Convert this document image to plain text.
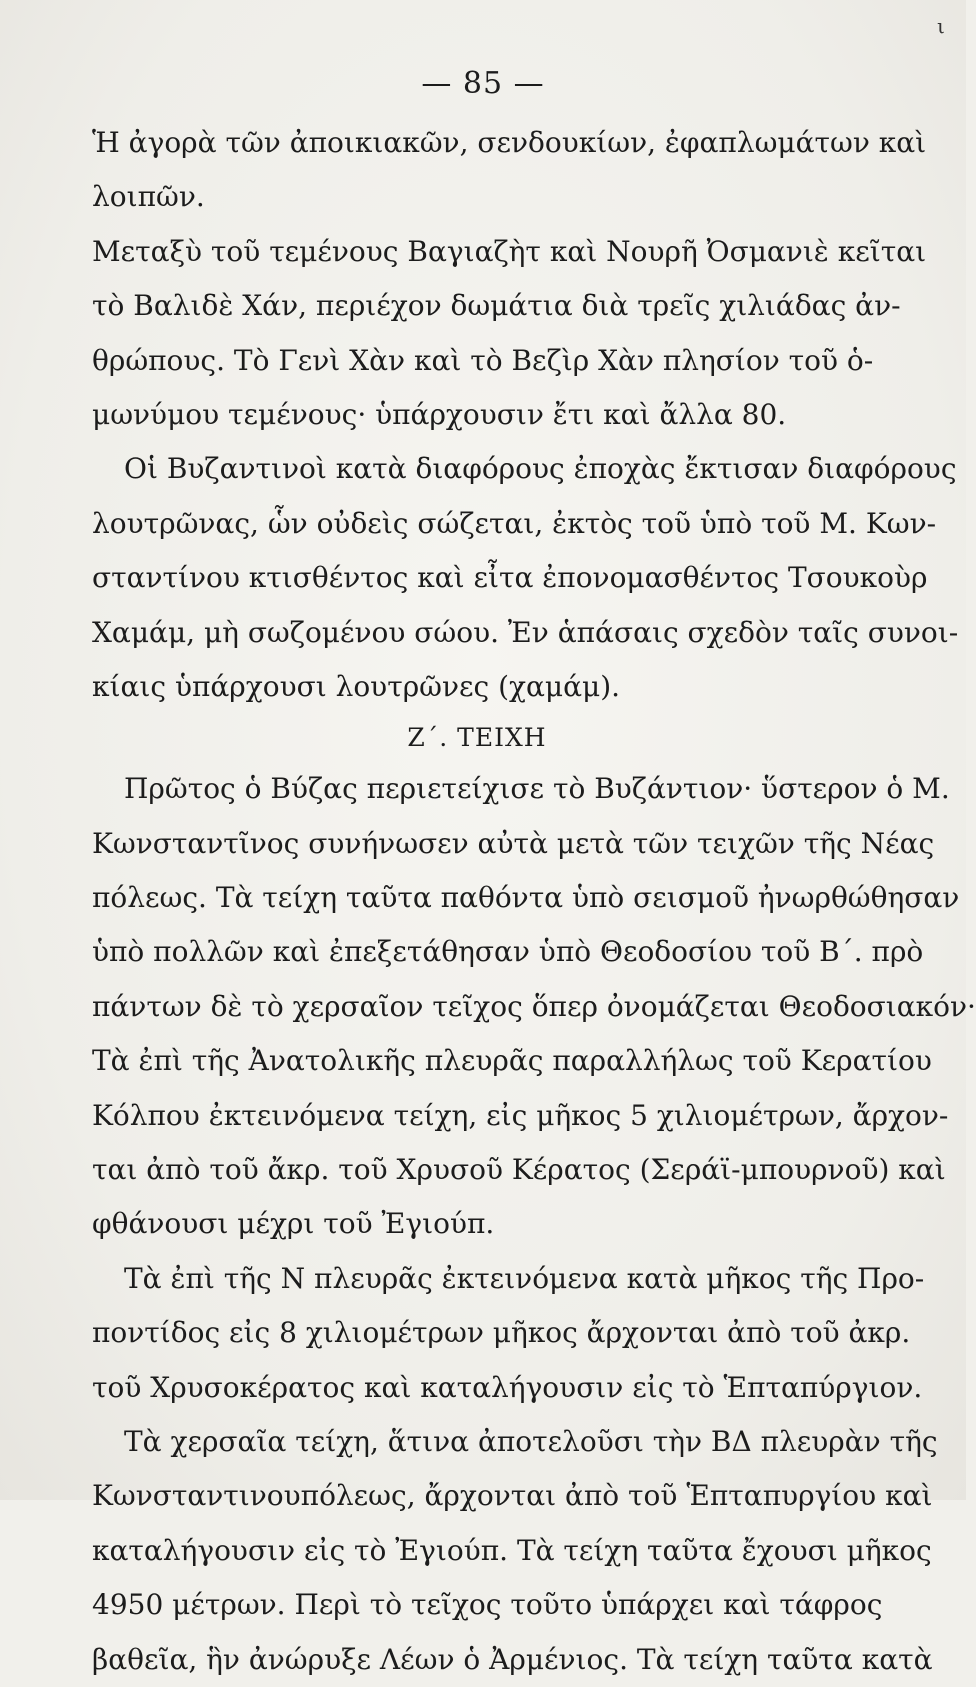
ι
— 85 —
Ἡ ἀγορὰ τῶν ἀποικιακῶν, σενδουκίων, ἐφαπλωμάτων καὶ
λοιπῶν.
Μεταξὺ τοῦ τεμένους Βαγιαζὴτ καὶ Νουρῆ Ὀσμανιὲ κεῖται
τὸ Βαλιδὲ Χάν, περιέχον δωμάτια διὰ τρεῖς χιλιάδας ἀν-
θρώπους. Τὸ Γενὶ Χὰν καὶ τὸ Βεζὶρ Χὰν πλησίον τοῦ ὁ-
μωνύμου τεμένους· ὑπάρχουσιν ἔτι καὶ ἄλλα 80.
Οἱ Βυζαντινοὶ κατὰ διαφόρους ἐποχὰς ἔκτισαν διαφόρους
λουτρῶνας, ὧν οὐδεὶς σώζεται, ἐκτὸς τοῦ ὑπὸ τοῦ Μ. Κων-
σταντίνου κτισθέντος καὶ εἶτα ἐπονομασθέντος Τσουκοὺρ
Χαμάμ, μὴ σωζομένου σώου. Ἐν ἁπάσαις σχεδὸν ταῖς συνοι-
κίαις ὑπάρχουσι λουτρῶνες (χαμάμ).
Ζ΄. ΤΕΙΧΗ
Πρῶτος ὁ Βύζας περιετείχισε τὸ Βυζάντιον· ὕστερον ὁ Μ.
Κωνσταντῖνος συνήνωσεν αὐτὰ μετὰ τῶν τειχῶν τῆς Νέας
πόλεως. Τὰ τείχη ταῦτα παθόντα ὑπὸ σεισμοῦ ἠνωρθώθησαν
ὑπὸ πολλῶν καὶ ἐπεξετάθησαν ὑπὸ Θεοδοσίου τοῦ Β΄. πρὸ
πάντων δὲ τὸ χερσαῖον τεῖχος ὅπερ ὀνομάζεται Θεοδοσιακόν·
Τὰ ἐπὶ τῆς Ἀνατολικῆς πλευρᾶς παραλλήλως τοῦ Κερατίου
Κόλπου ἐκτεινόμενα τείχη, εἰς μῆκος 5 χιλιομέτρων, ἄρχον-
ται ἀπὸ τοῦ ἄκρ. τοῦ Χρυσοῦ Κέρατος (Σεράϊ-μπουρνοῦ) καὶ
φθάνουσι μέχρι τοῦ Ἐγιούπ.
Τὰ ἐπὶ τῆς Ν πλευρᾶς ἐκτεινόμενα κατὰ μῆκος τῆς Προ-
ποντίδος εἰς 8 χιλιομέτρων μῆκος ἄρχονται ἀπὸ τοῦ ἀκρ.
τοῦ Χρυσοκέρατος καὶ καταλήγουσιν εἰς τὸ Ἑπταπύργιον.
Τὰ χερσαῖα τείχη, ἅτινα ἀποτελοῦσι τὴν ΒΔ πλευρὰν τῆς
Κωνσταντινουπόλεως, ἄρχονται ἀπὸ τοῦ Ἑπταπυργίου καὶ
καταλήγουσιν εἰς τὸ Ἐγιούπ. Τὰ τείχη ταῦτα ἔχουσι μῆκος
4950 μέτρων. Περὶ τὸ τεῖχος τοῦτο ὑπάρχει καὶ τάφρος
βαθεῖα, ἣν ἀνώρυξε Λέων ὁ Ἀρμένιος. Τὰ τείχη ταῦτα κατὰ
